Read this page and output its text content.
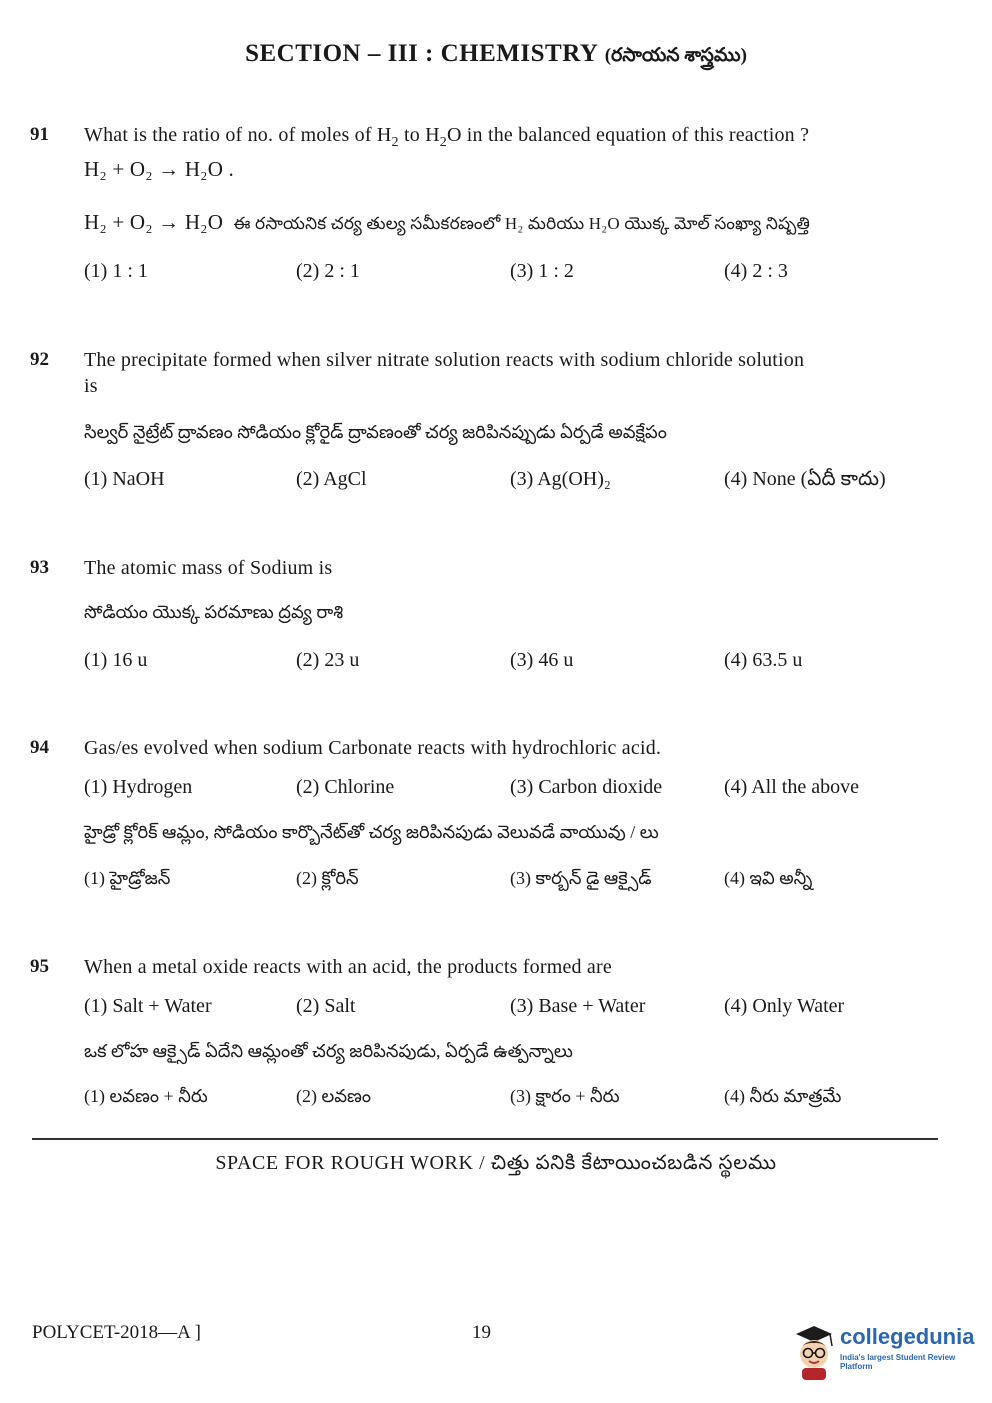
SECTION – III : CHEMISTRY (రసాయన శాస్త్రము)
91 What is the ratio of no. of moles of $H_2$ to $H_2O$ in the balanced equation of this reaction ?
H₂ + O₂ → H₂O .
H₂ + O₂ → H₂O ఈ రసాయనిక చర్య తుల్య సమీకరణంలో H₂ మరియు H₂O యొక్క మోల్ సంఖ్యా నిష్పత్తి
(1) 1 : 1	(2) 2 : 1	(3) 1 : 2	(4) 2 : 3
92 The precipitate formed when silver nitrate solution reacts with sodium chloride solution
is
సిల్వర్ నైట్రేట్ ద్రావణం సోడియం క్లోరైడ్ ద్రావణంతో చర్య జరిపినప్పుడు ఏర్పడే అవక్షేపం
(1) NaOH	(2) AgCl	(3) Ag(OH)₂	(4) None (ఏదీ కాదు)
93 The atomic mass of Sodium is
సోడియం యొక్క పరమాణు ద్రవ్య రాశి
(1) 16 u	(2) 23 u	(3) 46 u	(4) 63.5 u
94 Gas/es evolved when sodium Carbonate reacts with hydrochloric acid.
(1) Hydrogen	(2) Chlorine	(3) Carbon dioxide	(4) All the above
హైడ్రో క్లోరిక్ ఆమ్లం, సోడియం కార్బొనేట్‌తో చర్య జరిపినపుడు వెలువడే వాయువు / లు
(1) హైడ్రోజన్	(2) క్లోరిన్	(3) కార్బన్ డై ఆక్సైడ్	(4) ఇవి అన్నీ
95 When a metal oxide reacts with an acid, the products formed are
(1) Salt + Water	(2) Salt	(3) Base + Water	(4) Only Water
ఒక లోహ ఆక్సైడ్ ఏదేని ఆమ్లంతో చర్య జరిపినపుడు, ఏర్పడే ఉత్పన్నాలు
(1) లవణం + నీరు	(2) లవణం	(3) క్షారం + నీరు	(4) నీరు మాత్రమే
SPACE FOR ROUGH WORK / చిత్తు పనికి కేటాయించబడిన స్థలము
POLYCET-2018—A ]	19	collegedunia
India's largest Student Review Platform
